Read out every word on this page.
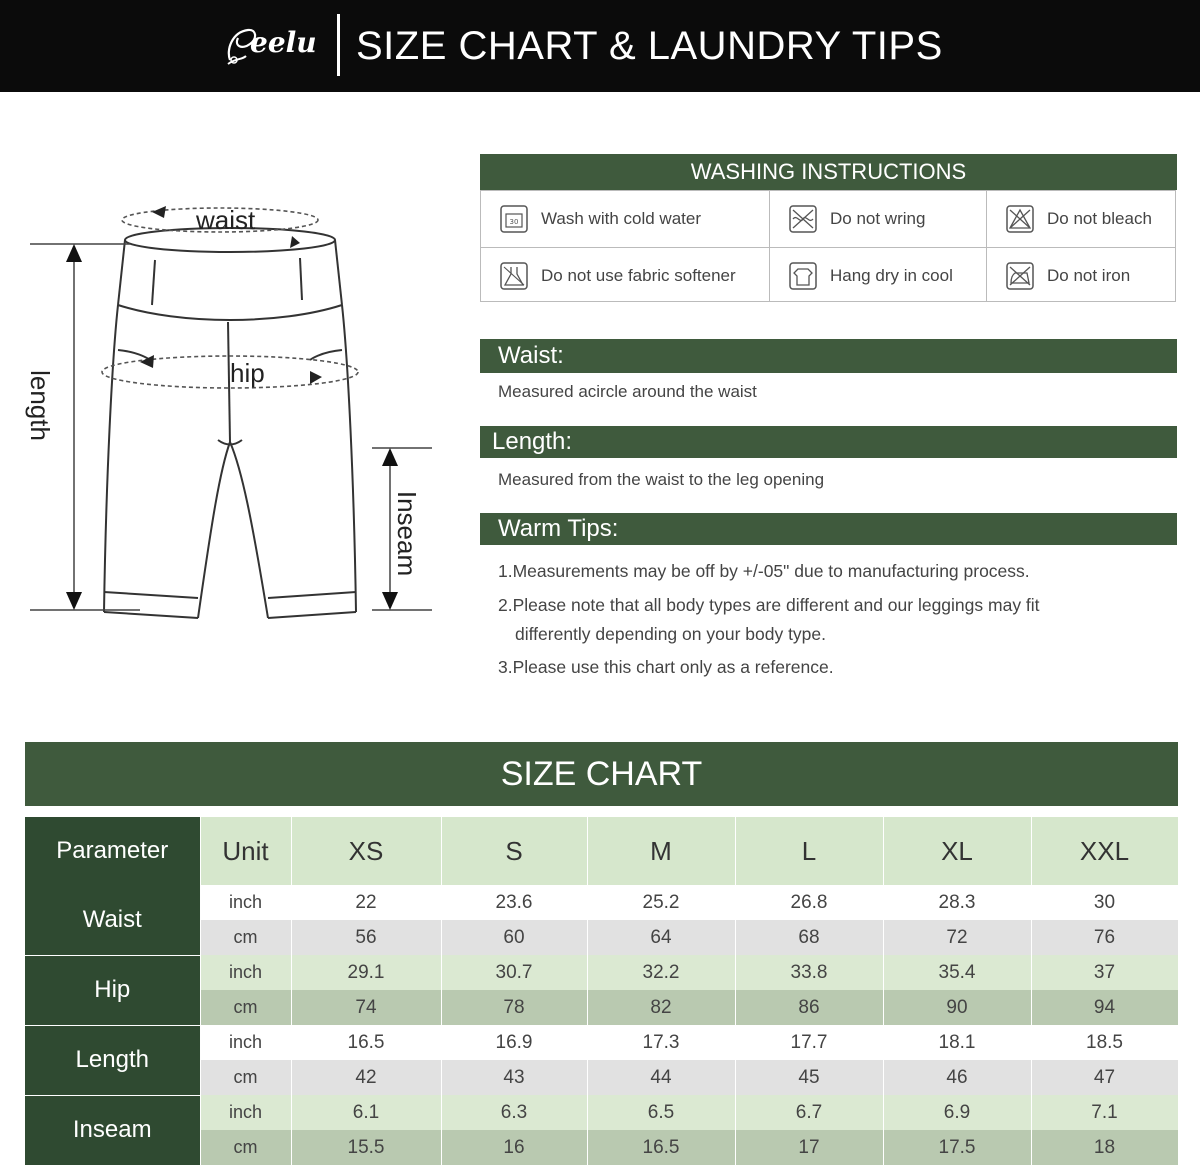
eelu SIZE CHART & LAUNDRY TIPS
waist
hip
length
Inseam
WASHING INSTRUCTIONS
30 Wash with cold water	Do not wring	Do not bleach
Do not use fabric softener	Hang dry in cool	Do not iron
Waist:
Measured acircle around the waist
Length:
Measured from the waist to the leg opening
Warm Tips:
1.Measurements may be off by +/-05" due to manufacturing process.
2.Please note that all body types are different and our leggings may fit
differently depending on your body type.
3.Please use this chart only as a reference.
SIZE CHART
Parameter	Unit	XS	S	M	L	XL	XXL
Waist	inch	22	23.6	25.2	26.8	28.3	30
	cm	56	60	64	68	72	76
Hip	inch	29.1	30.7	32.2	33.8	35.4	37
	cm	74	78	82	86	90	94
Length	inch	16.5	16.9	17.3	17.7	18.1	18.5
	cm	42	43	44	45	46	47
Inseam	inch	6.1	6.3	6.5	6.7	6.9	7.1
	cm	15.5	16	16.5	17	17.5	18
